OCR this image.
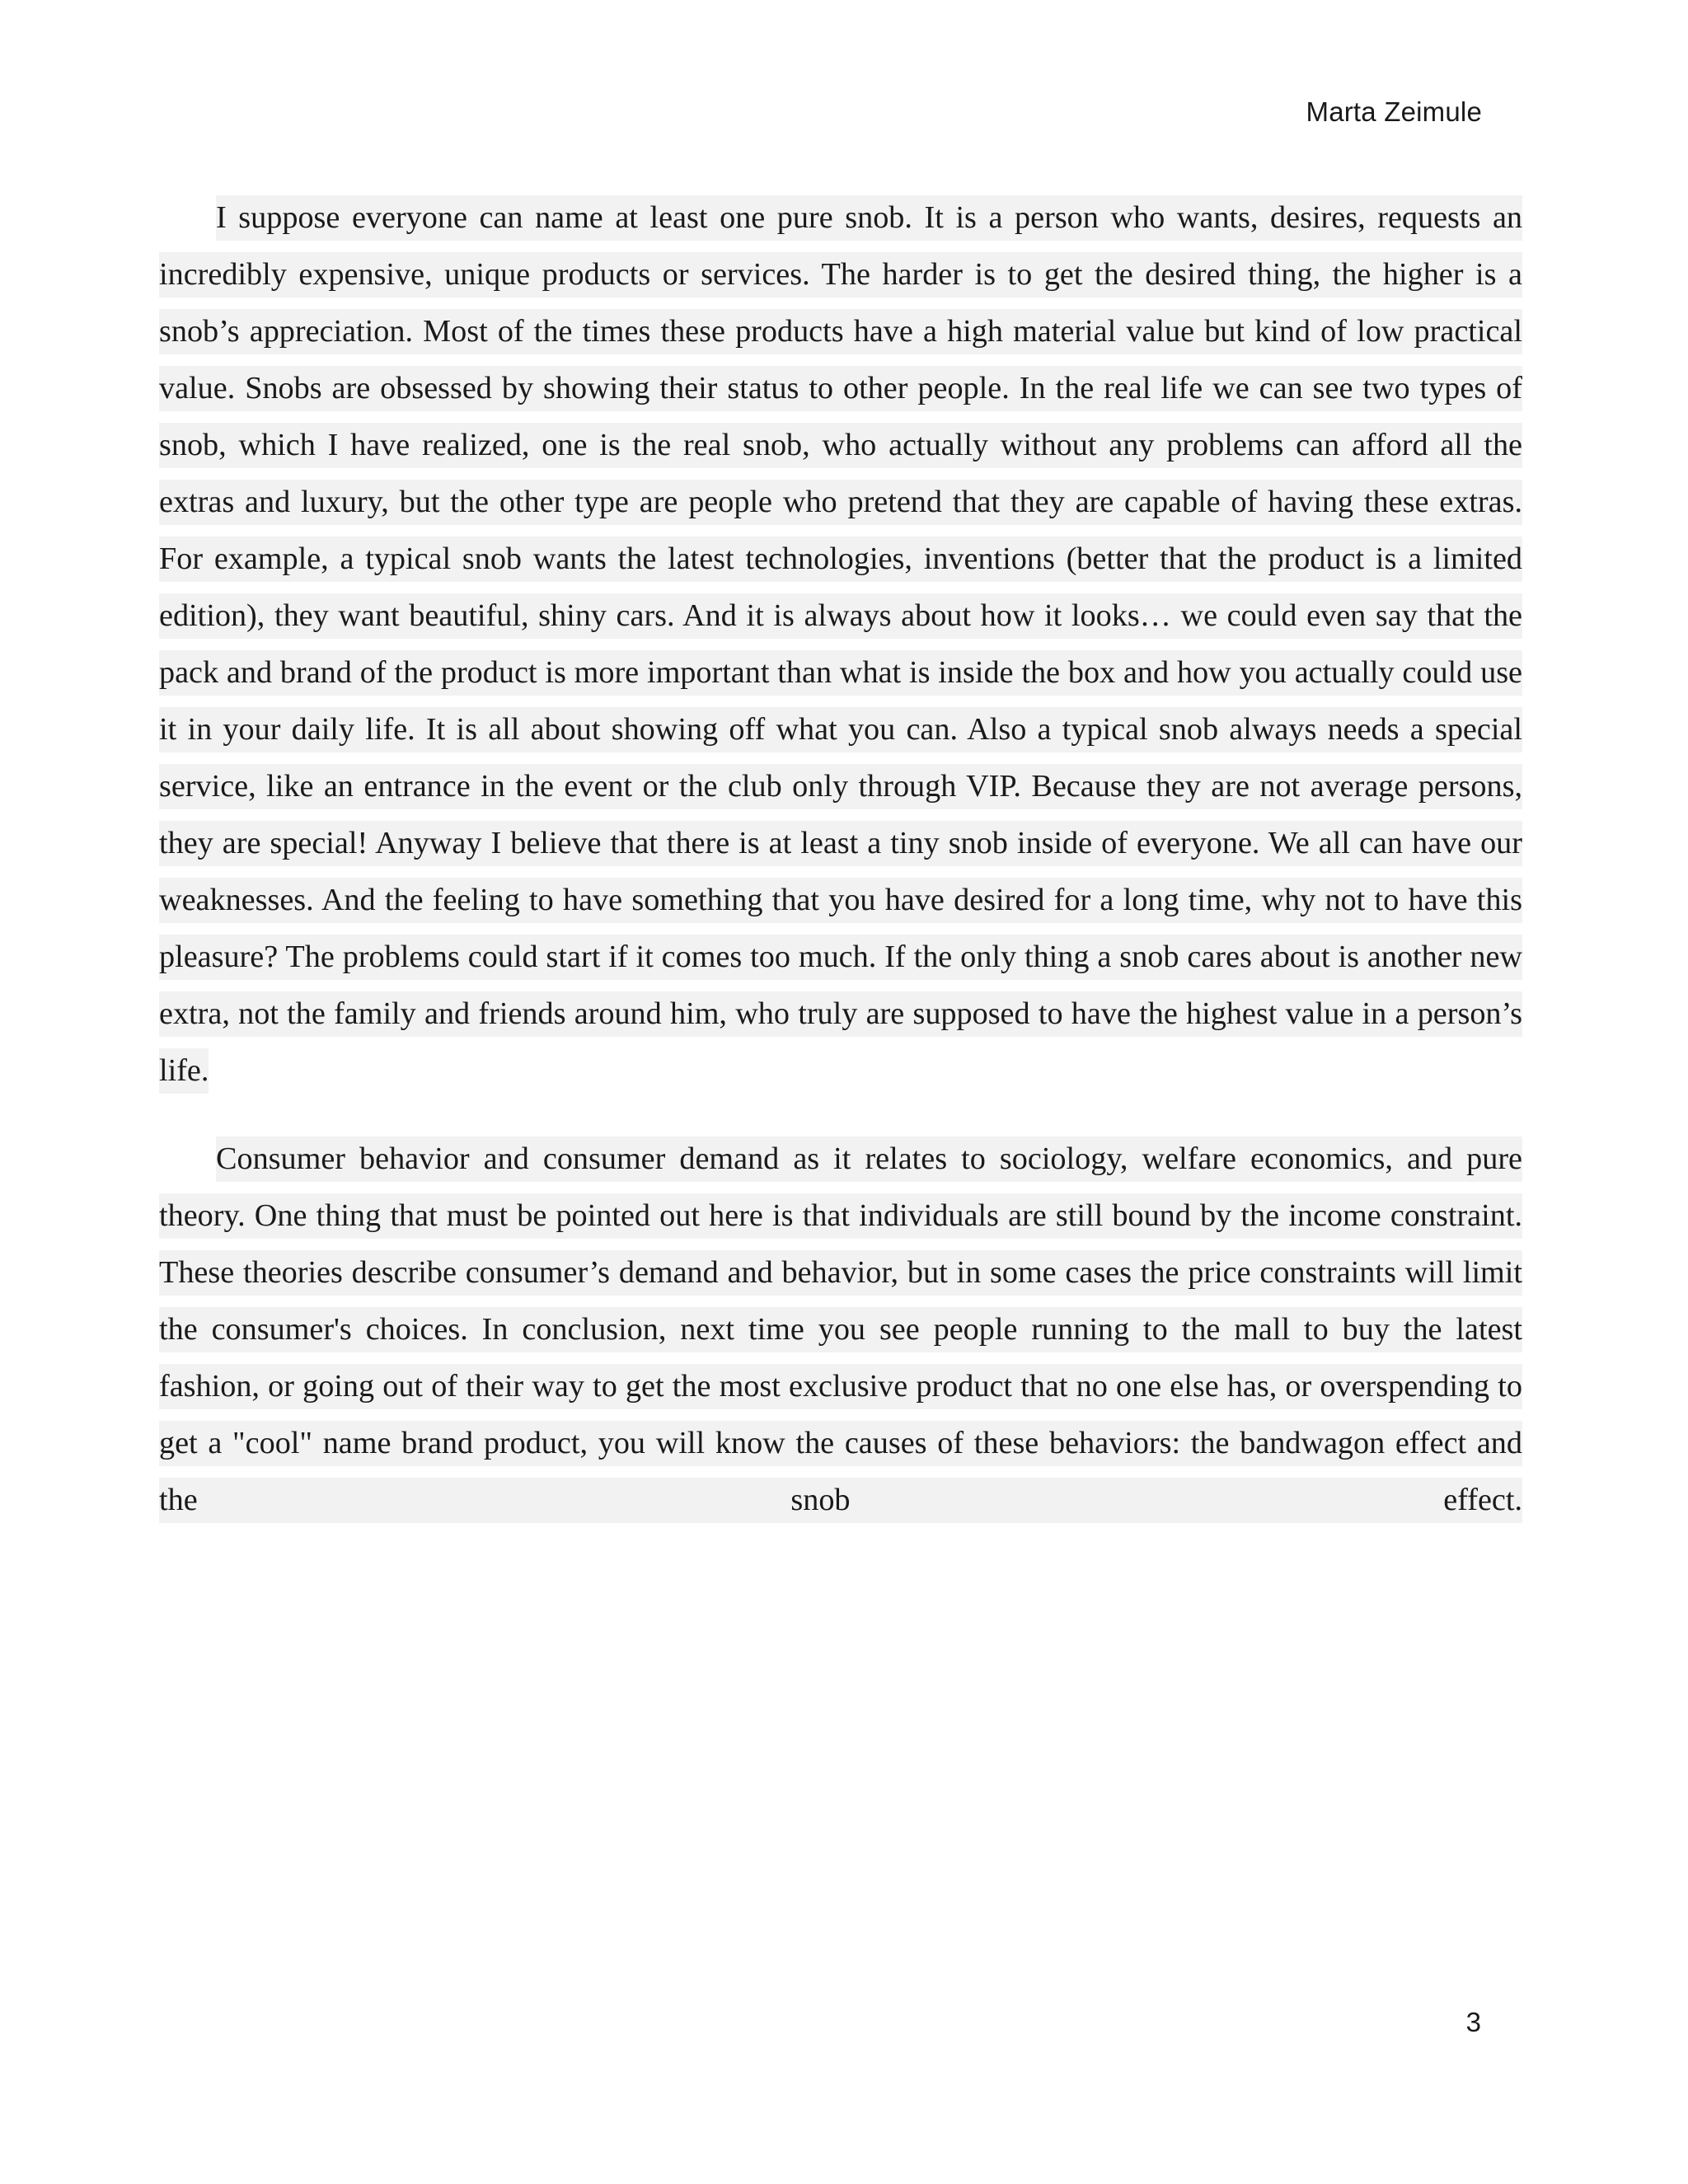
Marta Zeimule

I suppose everyone can name at least one pure snob. It is a person who wants, desires, requests an incredibly expensive, unique products or services. The harder is to get the desired thing, the higher is a snob’s appreciation. Most of the times these products have a high material value but kind of low practical value. Snobs are obsessed by showing their status to other people. In the real life we can see two types of snob, which I have realized, one is the real snob, who actually without any problems can afford all the extras and luxury, but the other type are people who pretend that they are capable of having these extras. For example, a typical snob wants the latest technologies, inventions (better that the product is a limited edition), they want beautiful, shiny cars. And it is always about how it looks… we could even say that the pack and brand of the product is more important than what is inside the box and how you actually could use it in your daily life. It is all about showing off what you can. Also a typical snob always needs a special service, like an entrance in the event or the club only through VIP. Because they are not average persons, they are special! Anyway I believe that there is at least a tiny snob inside of everyone. We all can have our weaknesses. And the feeling to have something that you have desired for a long time, why not to have this pleasure? The problems could start if it comes too much. If the only thing a snob cares about is another new extra, not the family and friends around him, who truly are supposed to have the highest value in a person’s life.

Consumer behavior and consumer demand as it relates to sociology, welfare economics, and pure theory. One thing that must be pointed out here is that individuals are still bound by the income constraint. These theories describe consumer’s demand and behavior, but in some cases the price constraints will limit the consumer's choices. In conclusion, next time you see people running to the mall to buy the latest fashion, or going out of their way to get the most exclusive product that no one else has, or overspending to get a "cool" name brand product, you will know the causes of these behaviors: the bandwagon effect and the snob effect.

3
